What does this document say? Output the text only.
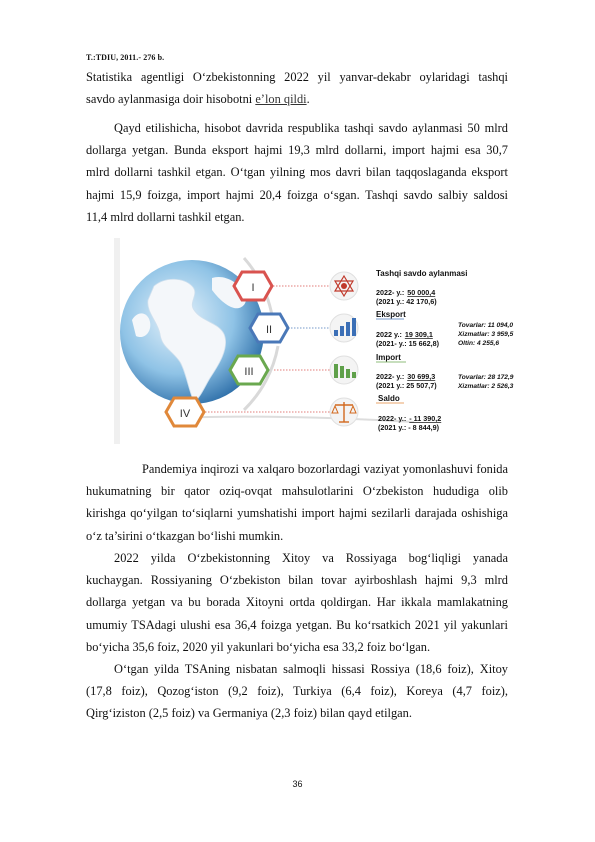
T.:TDIU, 2011.- 276 b.
Statistika agentligi O‘zbekistonning 2022 yil yanvar-dekabr oylaridagi tashqi
savdo aylanmasiga doir hisobotni e’lon qildi.
Qayd etilishicha, hisobot davrida respublika tashqi savdo aylanmasi 50 mlrd
dollarga yetgan. Bunda eksport hajmi 19,3 mlrd dollarni, import hajmi esa 30,7
mlrd dollarni tashkil etgan. O‘tgan yilning mos davri bilan taqqoslaganda eksport
hajmi 15,9 foizga, import hajmi 20,4 foizga o‘sgan. Tashqi savdo salbiy saldosi
11,4 mlrd dollarni tashkil etgan.
I
II
III
IV
Tashqi savdo aylanmasi
2022- y.: 50 000,4
(2021 y.: 42 170,6)
Eksport
2022 y.: 19 309,1
(2021- y.: 15 662,8)
Tovarlar: 11 094,0
Xizmatlar: 3 959,5
Oltin: 4 255,6
Import
2022- y.: 30 699,3
(2021 y.: 25 507,7)
Tovarlar: 28 172,9
Xizmatlar: 2 526,3
Saldo
2022- y.: - 11 390,2
(2021 y.: - 8 844,9)
Pandemiya inqirozi va xalqaro bozorlardagi vaziyat yomonlashuvi fonida
hukumatning bir qator oziq-ovqat mahsulotlarini O‘zbekiston hududiga olib
kirishga qo‘yilgan to‘siqlarni yumshatishi import hajmi sezilarli darajada oshishiga
o‘z ta’sirini o‘tkazgan bo‘lishi mumkin.
2022 yilda O‘zbekistonning Xitoy va Rossiyaga bog‘liqligi yanada
kuchaygan. Rossiyaning O‘zbekiston bilan tovar ayirboshlash hajmi 9,3 mlrd
dollarga yetgan va bu borada Xitoyni ortda qoldirgan. Har ikkala mamlakatning
umumiy TSAdagi ulushi esa 36,4 foizga yetgan. Bu ko‘rsatkich 2021 yil yakunlari
bo‘yicha 35,6 foiz, 2020 yil yakunlari bo‘yicha esa 33,2 foiz bo‘lgan.
O‘tgan yilda TSAning nisbatan salmoqli hissasi Rossiya (18,6 foiz), Xitoy
(17,8 foiz), Qozog‘iston (9,2 foiz), Turkiya (6,4 foiz), Koreya (4,7 foiz),
Qirg‘iziston (2,5 foiz) va Germaniya (2,3 foiz) bilan qayd etilgan.
36
